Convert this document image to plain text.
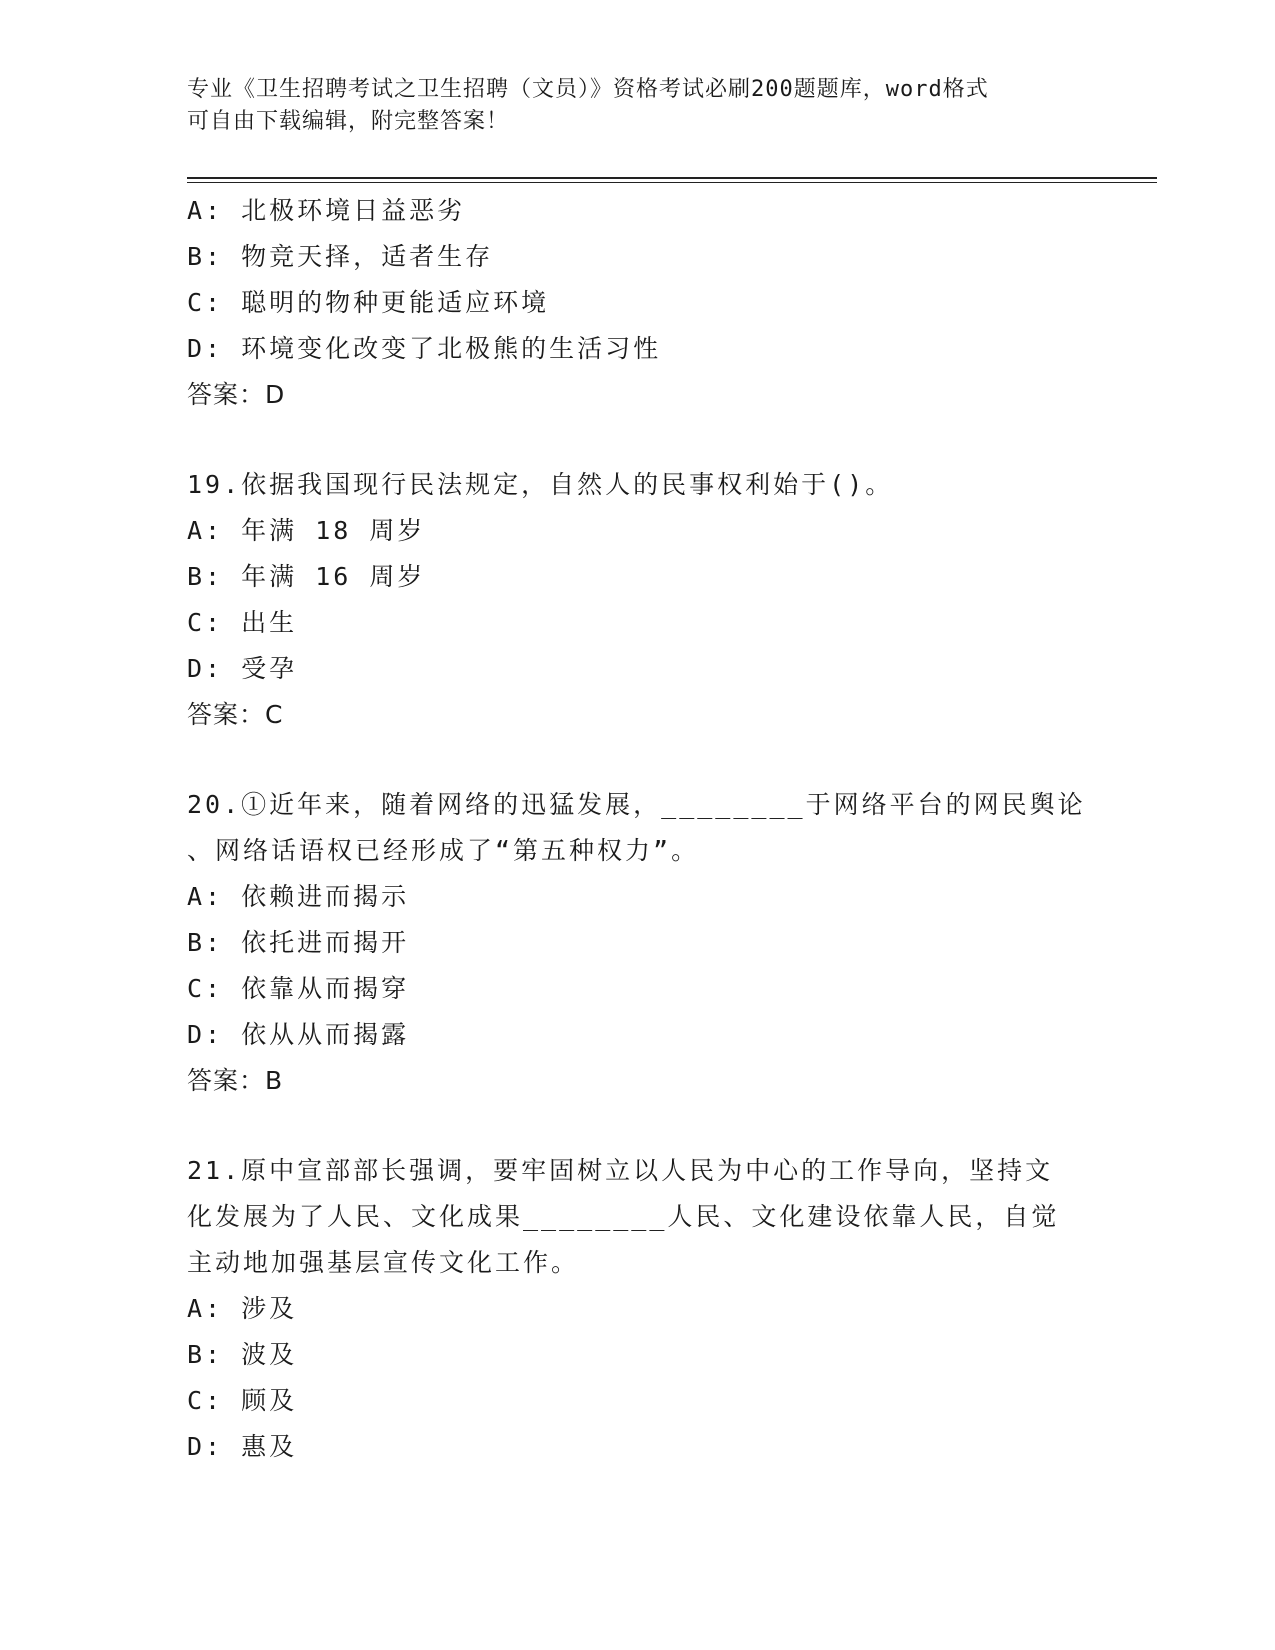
专业《卫生招聘考试之卫生招聘（文员）》资格考试必刷200题题库，word格式
可自由下载编辑，附完整答案！
A: 北极环境日益恶劣
B: 物竞天择，适者生存
C: 聪明的物种更能适应环境
D: 环境变化改变了北极熊的生活习性
答案：D
19.依据我国现行民法规定，自然人的民事权利始于()。
A: 年满 18 周岁
B: 年满 16 周岁
C: 出生
D: 受孕
答案：C
20.①近年来，随着网络的迅猛发展，________于网络平台的网民舆论
、网络话语权已经形成了“第五种权力”。
A: 依赖进而揭示
B: 依托进而揭开
C: 依靠从而揭穿
D: 依从从而揭露
答案：B
21.原中宣部部长强调，要牢固树立以人民为中心的工作导向，坚持文
化发展为了人民、文化成果________人民、文化建设依靠人民，自觉
主动地加强基层宣传文化工作。
A: 涉及
B: 波及
C: 顾及
D: 惠及
